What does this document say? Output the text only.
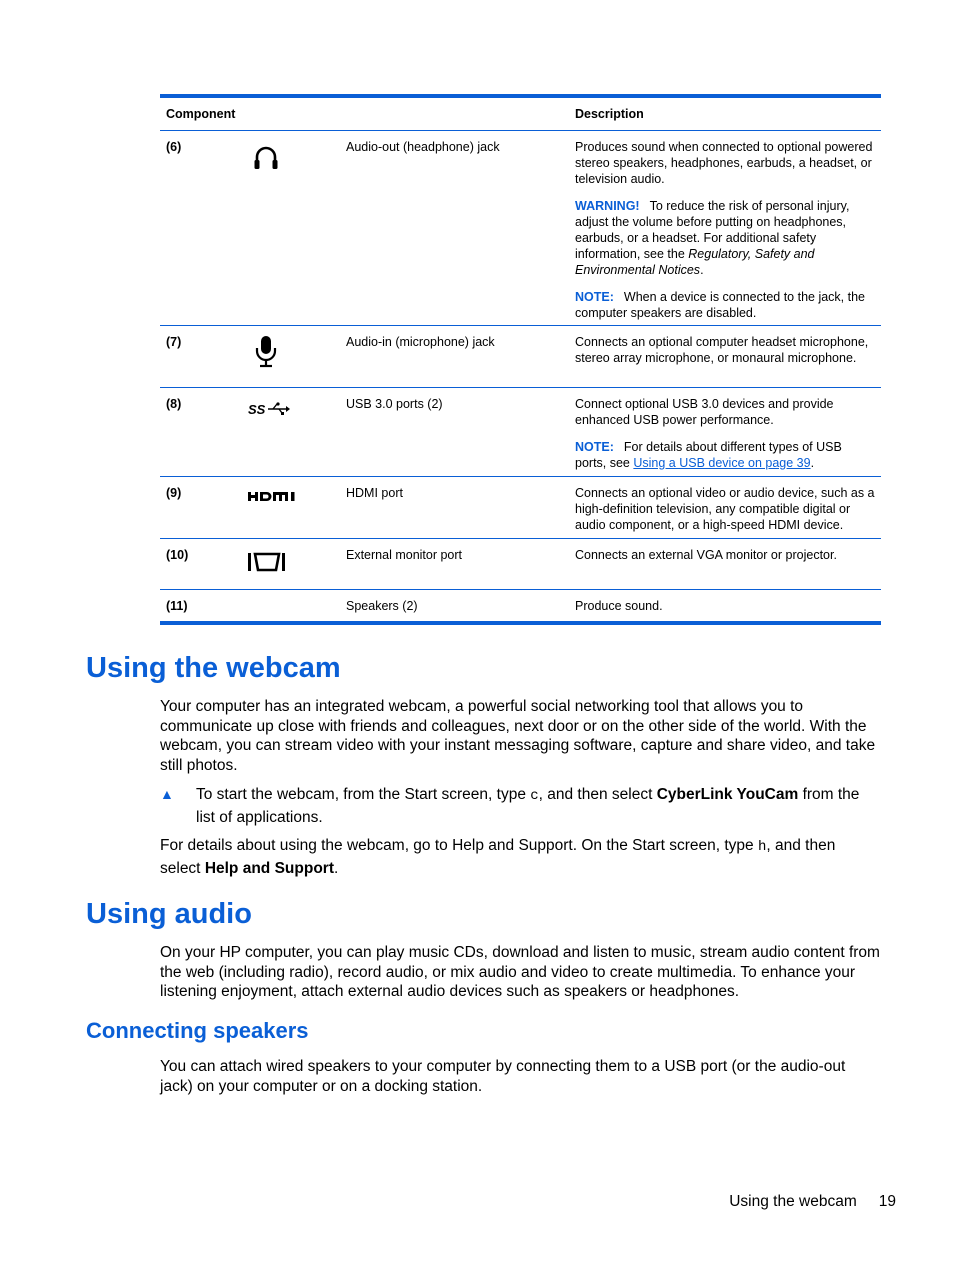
Component	Description
(6)	Audio-out (headphone) jack	Produces sound when connected to optional powered stereo speakers, headphones, earbuds, a headset, or television audio.

WARNING! To reduce the risk of personal injury, adjust the volume before putting on headphones, earbuds, or a headset. For additional safety information, see the Regulatory, Safety and Environmental Notices.

NOTE: When a device is connected to the jack, the computer speakers are disabled.

(7)	Audio-in (microphone) jack	Connects an optional computer headset microphone, stereo array microphone, or monaural microphone.

(8)	SS	USB 3.0 ports (2)	Connect optional USB 3.0 devices and provide enhanced USB power performance.

NOTE: For details about different types of USB ports, see Using a USB device on page 39.

(9)	HDMI port	Connects an optional video or audio device, such as a high-definition television, any compatible digital or audio component, or a high-speed HDMI device.

(10)	External monitor port	Connects an external VGA monitor or projector.

(11)	Speakers (2)	Produce sound.

Using the webcam

Your computer has an integrated webcam, a powerful social networking tool that allows you to communicate up close with friends and colleagues, next door or on the other side of the world. With the webcam, you can stream video with your instant messaging software, capture and share video, and take still photos.

▲	To start the webcam, from the Start screen, type c, and then select CyberLink YouCam from the list of applications.

For details about using the webcam, go to Help and Support. On the Start screen, type h, and then select Help and Support.

Using audio

On your HP computer, you can play music CDs, download and listen to music, stream audio content from the web (including radio), record audio, or mix audio and video to create multimedia. To enhance your listening enjoyment, attach external audio devices such as speakers or headphones.

Connecting speakers

You can attach wired speakers to your computer by connecting them to a USB port (or the audio-out jack) on your computer or on a docking station.

Using the webcam 19
